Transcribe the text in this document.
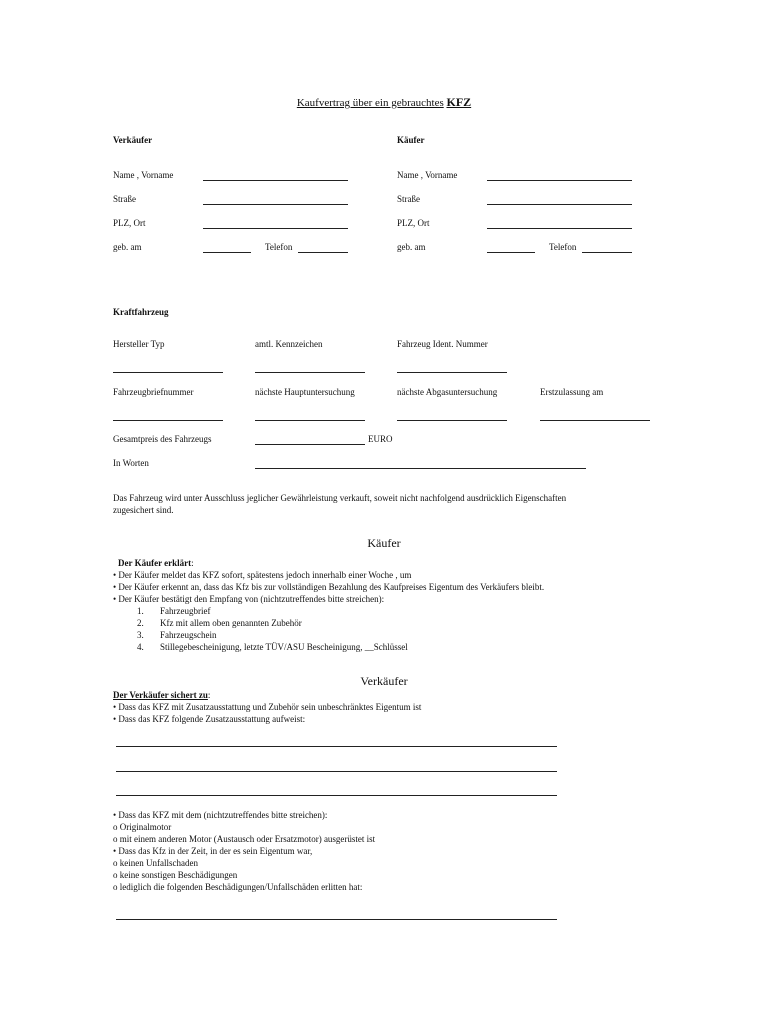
Kaufvertrag über ein gebrauchtes KFZ
Verkäufer
Name , Vorname
Straße
PLZ, Ort
geb. am	Telefon
Käufer
Name , Vorname
Straße
PLZ, Ort
geb. am	Telefon
Kraftfahrzeug
Hersteller Typ	amtl. Kennzeichen	Fahrzeug Ident. Nummer
Fahrzeugbriefnummer	nächste Hauptuntersuchung	nächste Abgasuntersuchung	Erstzulassung am
Gesamtpreis des Fahrzeugs	EURO
In Worten
Das Fahrzeug wird unter Ausschluss jeglicher Gewährleistung verkauft, soweit nicht nachfolgend ausdrücklich Eigenschaften
zugesichert sind.
Käufer
Der Käufer erklärt:
• Der Käufer meldet das KFZ sofort, spätestens jedoch innerhalb einer Woche , um
• Der Käufer erkennt an, dass das Kfz bis zur vollständigen Bezahlung des Kaufpreises Eigentum des Verkäufers bleibt.
• Der Käufer bestätigt den Empfang von (nichtzutreffendes bitte streichen):
1. Fahrzeugbrief
2. Kfz mit allem oben genannten Zubehör
3. Fahrzeugschein
4. Stillegebescheinigung, letzte TÜV/ASU Bescheinigung, __Schlüssel
Verkäufer
Der Verkäufer sichert zu:
• Dass das KFZ mit Zusatzausstattung und Zubehör sein unbeschränktes Eigentum ist
• Dass das KFZ folgende Zusatzausstattung aufweist:
• Dass das KFZ mit dem (nichtzutreffendes bitte streichen):
o Originalmotor
o mit einem anderen Motor (Austausch oder Ersatzmotor) ausgerüstet ist
• Dass das Kfz in der Zeit, in der es sein Eigentum war,
o keinen Unfallschaden
o keine sonstigen Beschädigungen
o lediglich die folgenden Beschädigungen/Unfallschäden erlitten hat:
